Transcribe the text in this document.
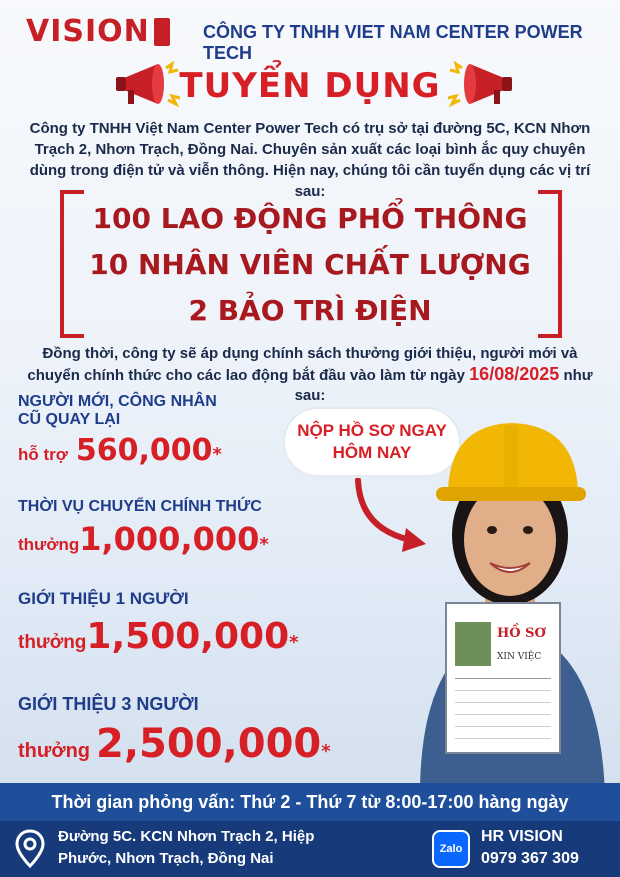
VISION	CÔNG TY TNHH VIET NAM CENTER POWER TECH
TUYỂN DỤNG
Công ty TNHH Việt Nam Center Power Tech có trụ sở tại đường 5C, KCN Nhơn Trạch 2, Nhơn Trạch, Đồng Nai. Chuyên sản xuất các loại bình ắc quy chuyên dùng trong điện tử và viễn thông. Hiện nay, chúng tôi cần tuyển dụng các vị trí sau:
100 LAO ĐỘNG PHỔ THÔNG
10 NHÂN VIÊN CHẤT LƯỢNG
2 BẢO TRÌ ĐIỆN
Đồng thời, công ty sẽ áp dụng chính sách thưởng giới thiệu, người mới và chuyển chính thức cho các lao động bắt đầu vào làm từ ngày 16/08/2025 như sau:
NGƯỜI MỚI, CÔNG NHÂN CŨ QUAY LẠI
hỗ trợ 560,000 *
THỜI VỤ CHUYỂN CHÍNH THỨC
thưởng 1,000,000 *
GIỚI THIỆU 1 NGƯỜI
thưởng 1,500,000 *
GIỚI THIỆU 3 NGƯỜI
thưởng 2,500,000 *
NỘP HỒ SƠ NGAY
HÔM NAY
HỒ SƠ
XIN VIỆC
Thời gian phỏng vấn: Thứ 2 - Thứ 7 từ 8:00-17:00 hàng ngày
Đường 5C. KCN Nhơn Trạch 2, Hiệp
Phước, Nhơn Trạch, Đồng Nai
Zalo
HR VISION
0979 367 309
